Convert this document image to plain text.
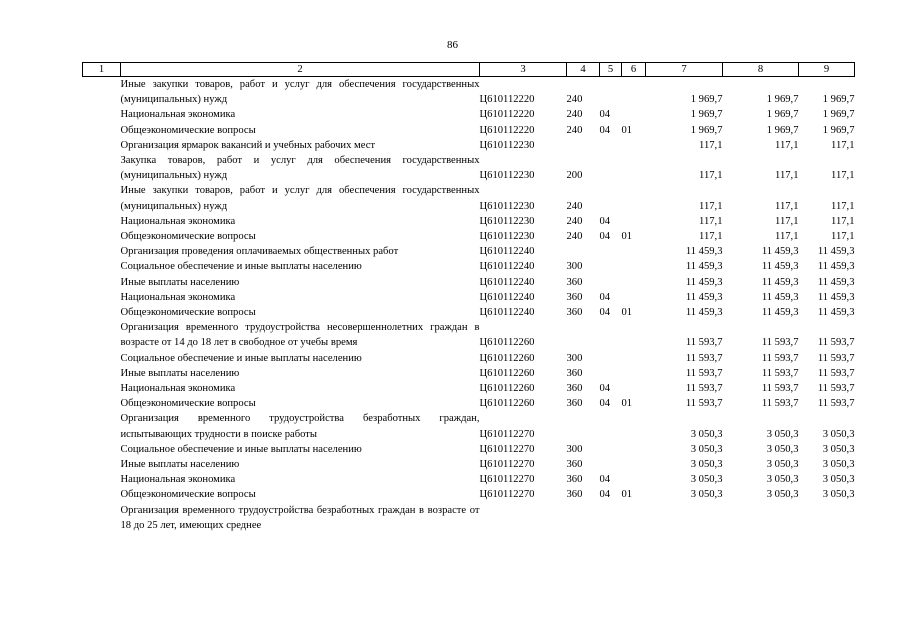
86
1	2	3	4	5	6	7	8	9
	Иные закупки товаров, работ и услуг для обеспечения государственных (муниципальных) нужд	Ц610112220	240			1 969,7	1 969,7	1 969,7
	Национальная экономика	Ц610112220	240	04		1 969,7	1 969,7	1 969,7
	Общеэкономические вопросы	Ц610112220	240	04	01	1 969,7	1 969,7	1 969,7
	Организация ярмарок вакансий и учебных рабочих мест	Ц610112230				117,1	117,1	117,1
	Закупка товаров, работ и услуг для обеспечения государственных (муниципальных) нужд	Ц610112230	200			117,1	117,1	117,1
	Иные закупки товаров, работ и услуг для обеспечения государственных (муниципальных) нужд	Ц610112230	240			117,1	117,1	117,1
	Национальная экономика	Ц610112230	240	04		117,1	117,1	117,1
	Общеэкономические вопросы	Ц610112230	240	04	01	117,1	117,1	117,1
	Организация проведения оплачиваемых общественных работ	Ц610112240				11 459,3	11 459,3	11 459,3
	Социальное обеспечение и иные выплаты населению	Ц610112240	300			11 459,3	11 459,3	11 459,3
	Иные выплаты населению	Ц610112240	360			11 459,3	11 459,3	11 459,3
	Национальная экономика	Ц610112240	360	04		11 459,3	11 459,3	11 459,3
	Общеэкономические вопросы	Ц610112240	360	04	01	11 459,3	11 459,3	11 459,3
	Организация временного трудоустройства несовершеннолетних граждан в возрасте от 14 до 18 лет в свободное от учебы время	Ц610112260				11 593,7	11 593,7	11 593,7
	Социальное обеспечение и иные выплаты населению	Ц610112260	300			11 593,7	11 593,7	11 593,7
	Иные выплаты населению	Ц610112260	360			11 593,7	11 593,7	11 593,7
	Национальная экономика	Ц610112260	360	04		11 593,7	11 593,7	11 593,7
	Общеэкономические вопросы	Ц610112260	360	04	01	11 593,7	11 593,7	11 593,7
	Организация временного трудоустройства безработных граждан, испытывающих трудности в поиске работы	Ц610112270				3 050,3	3 050,3	3 050,3
	Социальное обеспечение и иные выплаты населению	Ц610112270	300			3 050,3	3 050,3	3 050,3
	Иные выплаты населению	Ц610112270	360			3 050,3	3 050,3	3 050,3
	Национальная экономика	Ц610112270	360	04		3 050,3	3 050,3	3 050,3
	Общеэкономические вопросы	Ц610112270	360	04	01	3 050,3	3 050,3	3 050,3
	Организация временного трудоустройства безработных граждан в возрасте от 18 до 25 лет, имеющих среднее							
